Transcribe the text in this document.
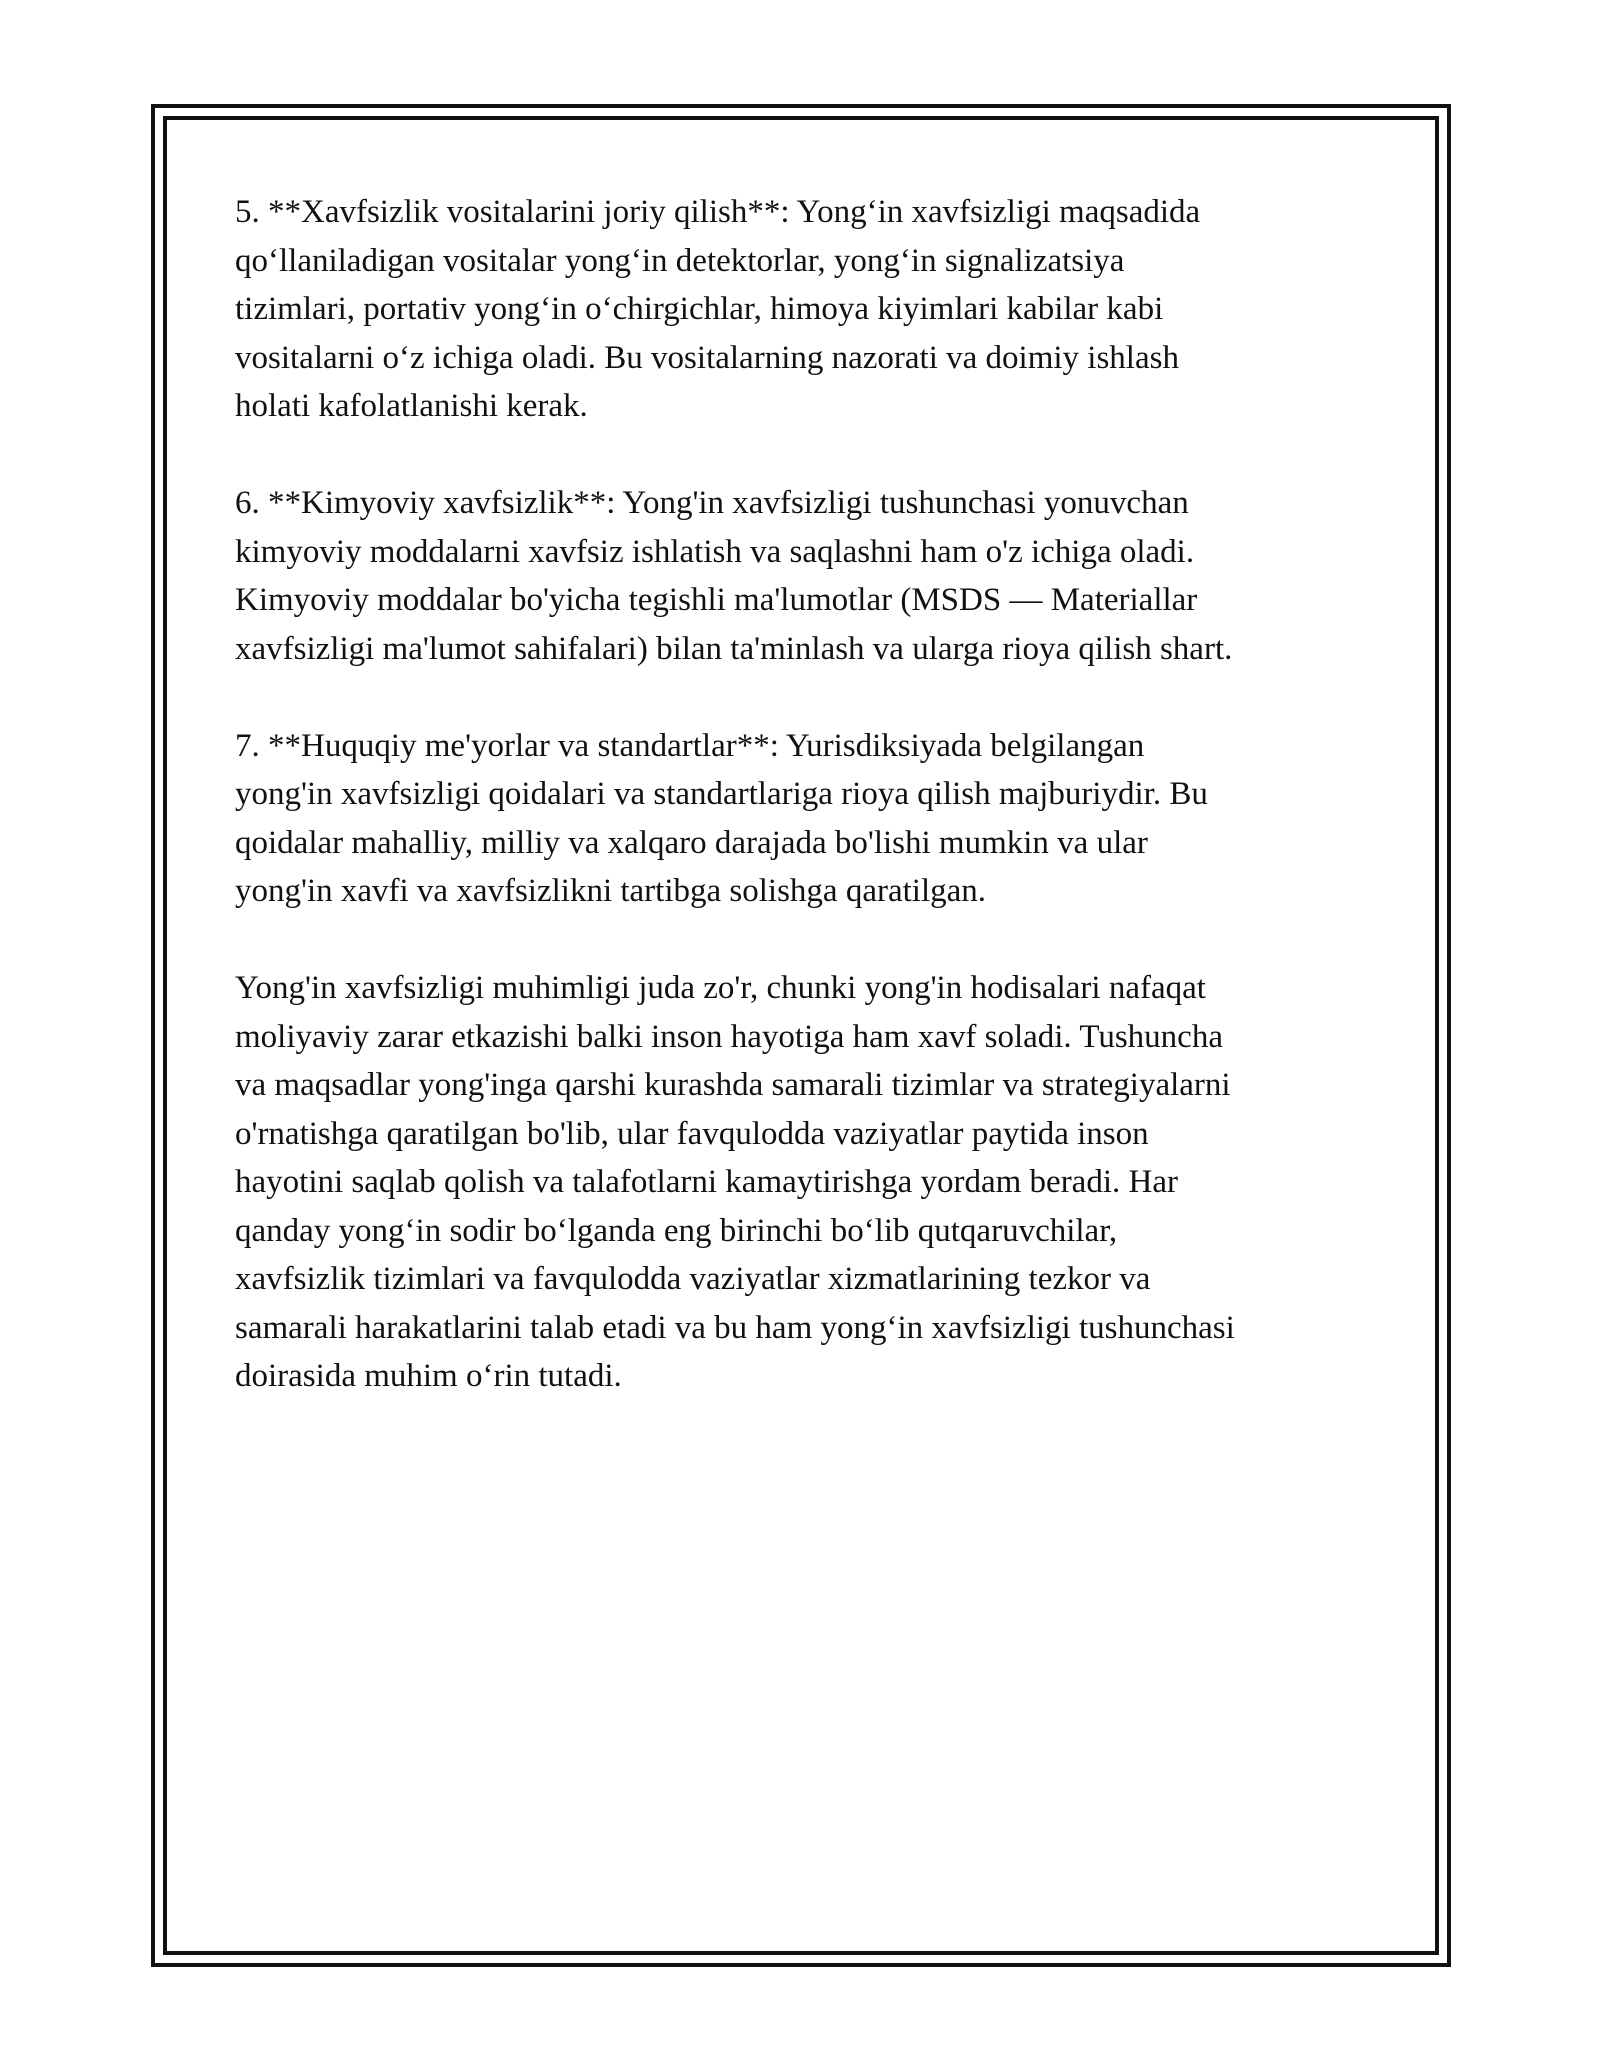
5. **Xavfsizlik vositalarini joriy qilish**: Yong‘in xavfsizligi maqsadida
qo‘llaniladigan vositalar yong‘in detektorlar, yong‘in signalizatsiya
tizimlari, portativ yong‘in o‘chirgichlar, himoya kiyimlari kabilar kabi
vositalarni o‘z ichiga oladi. Bu vositalarning nazorati va doimiy ishlash
holati kafolatlanishi kerak.

6. **Kimyoviy xavfsizlik**: Yong'in xavfsizligi tushunchasi yonuvchan
kimyoviy moddalarni xavfsiz ishlatish va saqlashni ham o'z ichiga oladi.
Kimyoviy moddalar bo'yicha tegishli ma'lumotlar (MSDS — Materiallar
xavfsizligi ma'lumot sahifalari) bilan ta'minlash va ularga rioya qilish shart.

7. **Huquqiy me'yorlar va standartlar**: Yurisdiksiyada belgilangan
yong'in xavfsizligi qoidalari va standartlariga rioya qilish majburiydir. Bu
qoidalar mahalliy, milliy va xalqaro darajada bo'lishi mumkin va ular
yong'in xavfi va xavfsizlikni tartibga solishga qaratilgan.

Yong'in xavfsizligi muhimligi juda zo'r, chunki yong'in hodisalari nafaqat
moliyaviy zarar etkazishi balki inson hayotiga ham xavf soladi. Tushuncha
va maqsadlar yong'inga qarshi kurashda samarali tizimlar va strategiyalarni
o'rnatishga qaratilgan bo'lib, ular favqulodda vaziyatlar paytida inson
hayotini saqlab qolish va talafotlarni kamaytirishga yordam beradi. Har
qanday yong‘in sodir bo‘lganda eng birinchi bo‘lib qutqaruvchilar,
xavfsizlik tizimlari va favqulodda vaziyatlar xizmatlarining tezkor va
samarali harakatlarini talab etadi va bu ham yong‘in xavfsizligi tushunchasi
doirasida muhim o‘rin tutadi.
